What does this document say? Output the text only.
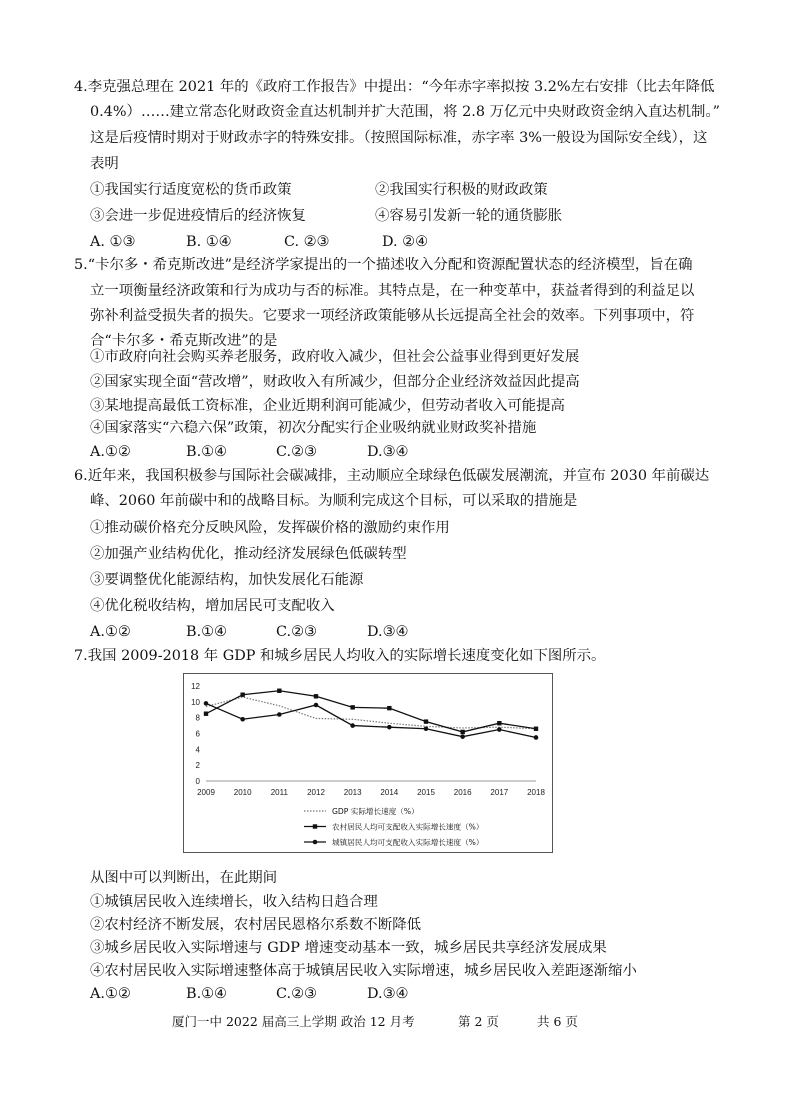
4.李克强总理在 2021 年的《政府工作报告》中提出：“今年赤字率拟按 3.2%左右安排（比去年降低
0.4%）……建立常态化财政资金直达机制并扩大范围，将 2.8 万亿元中央财政资金纳入直达机制。”
这是后疫情时期对于财政赤字的特殊安排。（按照国际标准，赤字率 3%一般设为国际安全线），这
表明
①我国实行适度宽松的货币政策	②我国实行积极的财政政策
③会进一步促进疫情后的经济恢复	④容易引发新一轮的通货膨胀
A. ①③	B. ①④	C. ②③	D. ②④
5.“卡尔多・希克斯改进”是经济学家提出的一个描述收入分配和资源配置状态的经济模型，旨在确
立一项衡量经济政策和行为成功与否的标准。其特点是，在一种变革中，获益者得到的利益足以
弥补利益受损失者的损失。它要求一项经济政策能够从长远提高全社会的效率。下列事项中，符
合“卡尔多・希克斯改进”的是
①市政府向社会购买养老服务，政府收入减少，但社会公益事业得到更好发展
②国家实现全面“营改增”，财政收入有所减少，但部分企业经济效益因此提高
③某地提高最低工资标准，企业近期利润可能减少，但劳动者收入可能提高
④国家落实“六稳六保”政策，初次分配实行企业吸纳就业财政奖补措施
A.①②	B.①④	C.②③	D.③④
6.近年来，我国积极参与国际社会碳减排，主动顺应全球绿色低碳发展潮流，并宣布 2030 年前碳达
峰、2060 年前碳中和的战略目标。为顺利完成这个目标，可以采取的措施是
①推动碳价格充分反映风险，发挥碳价格的激励约束作用
②加强产业结构优化，推动经济发展绿色低碳转型
③要调整优化能源结构，加快发展化石能源
④优化税收结构，增加居民可支配收入
A.①②	B.①④	C.②③	D.③④
7.我国 2009-2018 年 GDP 和城乡居民人均收入的实际增长速度变化如下图所示。
0
2
4
6
8
10
12
2009 2010 2011 2012 2013 2014 2015 2016 2017 2018
GDP 实际增长速度（%）
农村居民人均可支配收入实际增长速度（%）
城镇居民人均可支配收入实际增长速度（%）
从图中可以判断出，在此期间
①城镇居民收入连续增长，收入结构日趋合理
②农村经济不断发展，农村居民恩格尔系数不断降低
③城乡居民收入实际增速与 GDP 增速变动基本一致，城乡居民共享经济发展成果
④农村居民收入实际增速整体高于城镇居民收入实际增速，城乡居民收入差距逐渐缩小
A.①②	B.①④	C.②③	D.③④
厦门一中 2022 届高三上学期 政治 12 月考	第 2 页	共 6 页
